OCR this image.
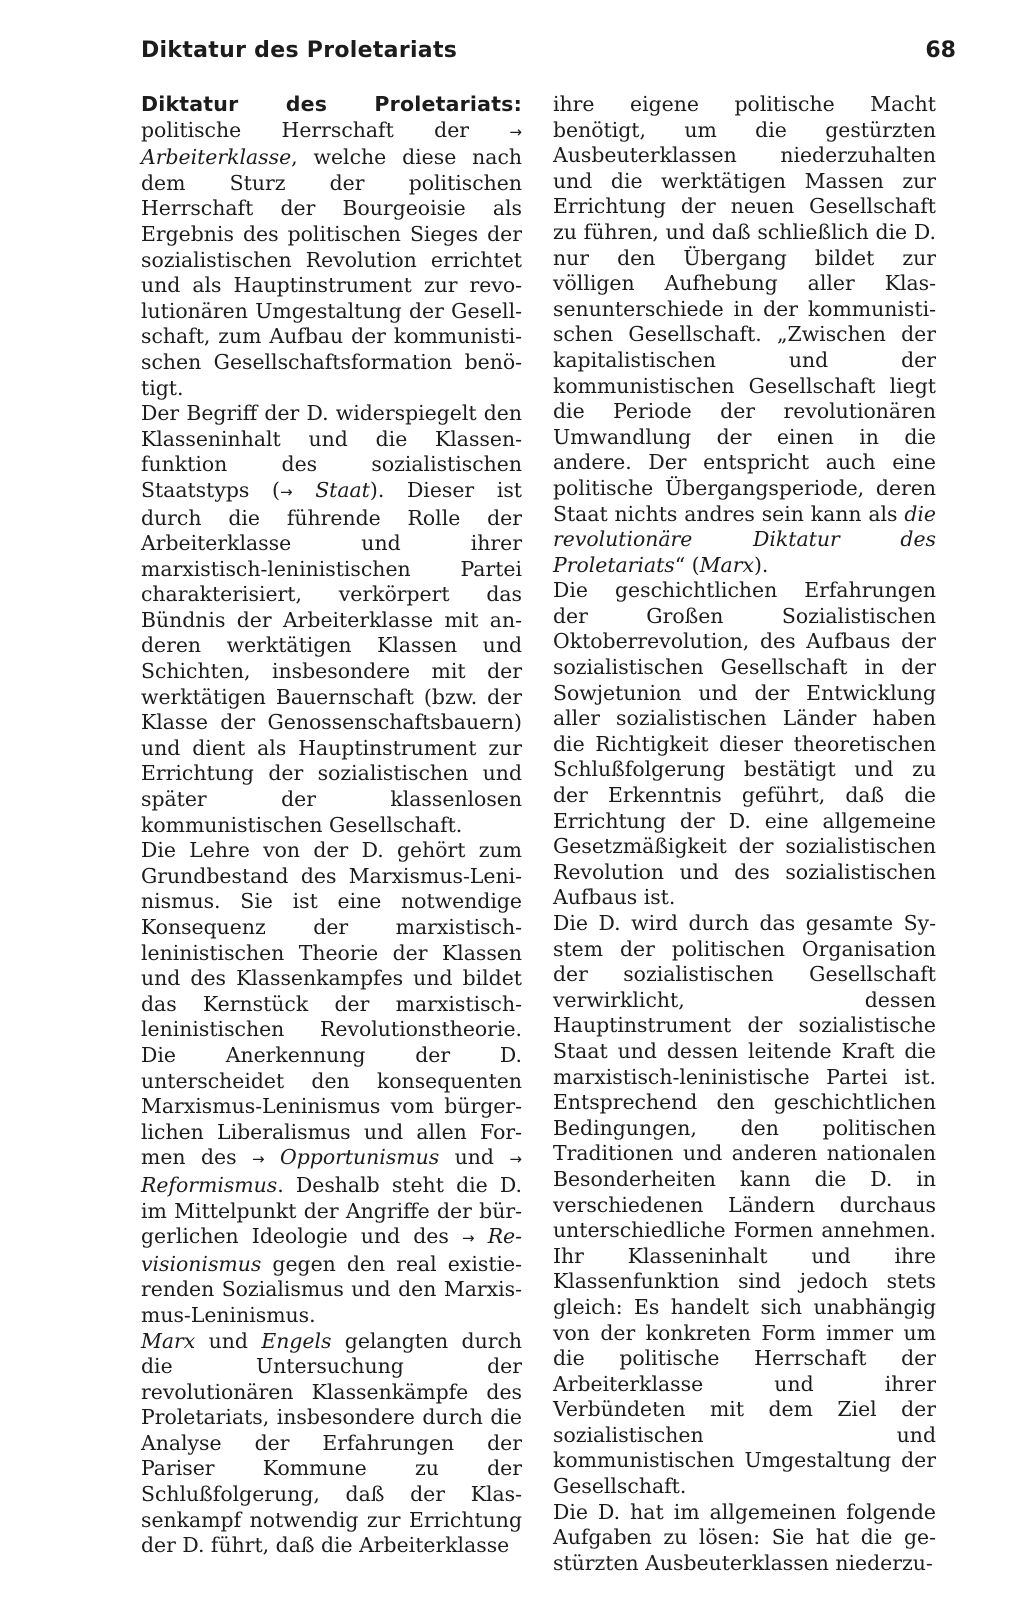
Diktatur des Proletariats	68

Diktatur des Proletariats: politische Herrschaft der → Arbeiterklasse, welche diese nach dem Sturz der politischen Herrschaft der Bourgeoisie als Ergebnis des politischen Sieges der sozialistischen Revolution errichtet und als Hauptinstrument zur revolutionären Umgestaltung der Gesellschaft, zum Aufbau der kommunistischen Gesellschaftsformation benötigt.

Der Begriff der D. widerspiegelt den Klasseninhalt und die Klassenfunktion des sozialistischen Staatstyps (→ Staat). Dieser ist durch die führende Rolle der Arbeiterklasse und ihrer marxistisch-leninistischen Partei charakterisiert, verkörpert das Bündnis der Arbeiterklasse mit anderen werktätigen Klassen und Schichten, insbesondere mit der werktätigen Bauernschaft (bzw. der Klasse der Genossenschaftsbauern) und dient als Hauptinstrument zur Errichtung der sozialistischen und später der klassenlosen kommunistischen Gesellschaft.

Die Lehre von der D. gehört zum Grundbestand des Marxismus-Leninismus. Sie ist eine notwendige Konsequenz der marxistisch-leninistischen Theorie der Klassen und des Klassenkampfes und bildet das Kernstück der marxistisch-leninistischen Revolutionstheorie. Die Anerkennung der D. unterscheidet den konsequenten Marxismus-Leninismus vom bürgerlichen Liberalismus und allen Formen des → Opportunismus und → Reformismus. Deshalb steht die D. im Mittelpunkt der Angriffe der bürgerlichen Ideologie und des → Revisionismus gegen den real existierenden Sozialismus und den Marxismus-Leninismus.

Marx und Engels gelangten durch die Untersuchung der revolutionären Klassenkämpfe des Proletariats, insbesondere durch die Analyse der Erfahrungen der Pariser Kommune zu der Schlußfolgerung, daß der Klassenkampf notwendig zur Errichtung der D. führt, daß die Arbeiterklasse

ihre eigene politische Macht benötigt, um die gestürzten Ausbeuterklassen niederzuhalten und die werktätigen Massen zur Errichtung der neuen Gesellschaft zu führen, und daß schließlich die D. nur den Übergang bildet zur völligen Aufhebung aller Klassenunterschiede in der kommunistischen Gesellschaft. „Zwischen der kapitalistischen und der kommunistischen Gesellschaft liegt die Periode der revolutionären Umwandlung der einen in die andere. Der entspricht auch eine politische Übergangsperiode, deren Staat nichts andres sein kann als die revolutionäre Diktatur des Proletariats“ (Marx).

Die geschichtlichen Erfahrungen der Großen Sozialistischen Oktoberrevolution, des Aufbaus der sozialistischen Gesellschaft in der Sowjetunion und der Entwicklung aller sozialistischen Länder haben die Richtigkeit dieser theoretischen Schlußfolgerung bestätigt und zu der Erkenntnis geführt, daß die Errichtung der D. eine allgemeine Gesetzmäßigkeit der sozialistischen Revolution und des sozialistischen Aufbaus ist.

Die D. wird durch das gesamte System der politischen Organisation der sozialistischen Gesellschaft verwirklicht, dessen Hauptinstrument der sozialistische Staat und dessen leitende Kraft die marxistisch-leninistische Partei ist. Entsprechend den geschichtlichen Bedingungen, den politischen Traditionen und anderen nationalen Besonderheiten kann die D. in verschiedenen Ländern durchaus unterschiedliche Formen annehmen. Ihr Klasseninhalt und ihre Klassenfunktion sind jedoch stets gleich: Es handelt sich unabhängig von der konkreten Form immer um die politische Herrschaft der Arbeiterklasse und ihrer Verbündeten mit dem Ziel der sozialistischen und kommunistischen Umgestaltung der Gesellschaft.

Die D. hat im allgemeinen folgende Aufgaben zu lösen: Sie hat die gestürzten Ausbeuterklassen niederzu-
